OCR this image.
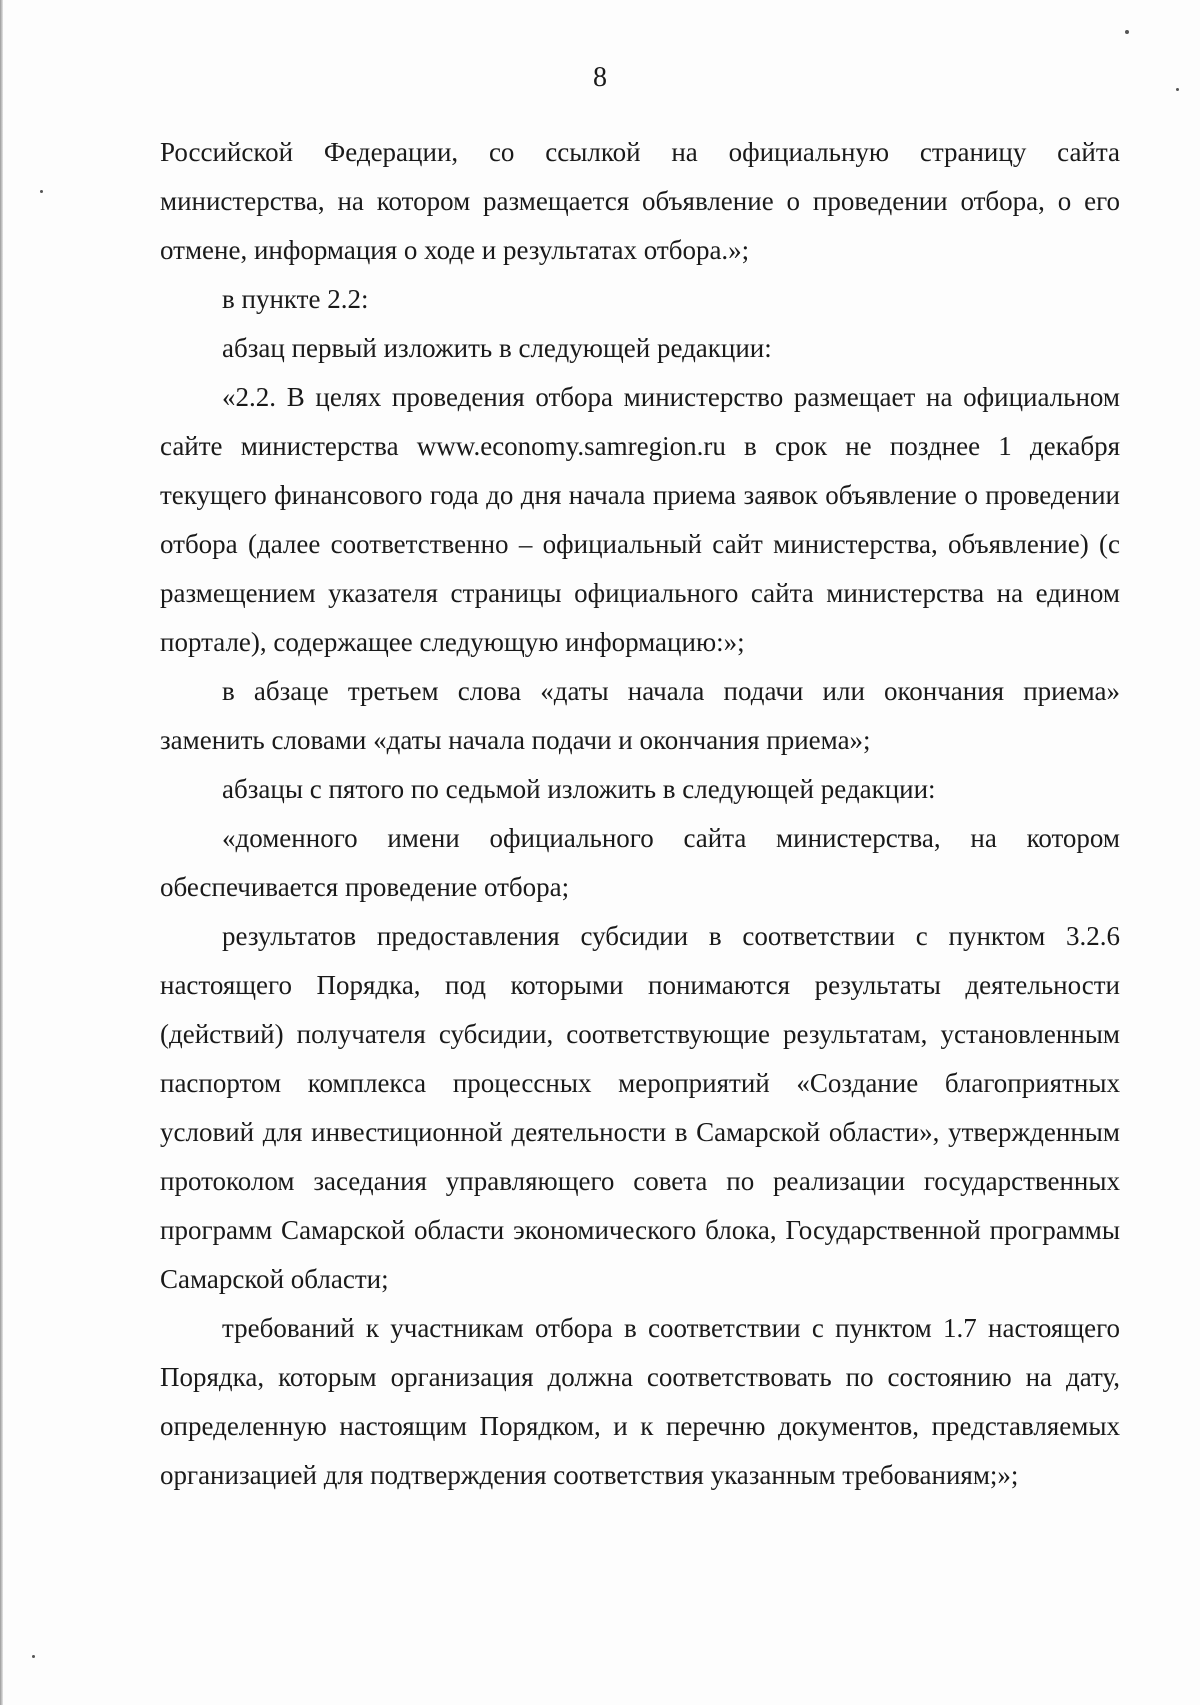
8

Российской Федерации, со ссылкой на официальную страницу сайта министерства, на котором размещается объявление о проведении отбора, о его отмене, информация о ходе и результатах отбора.»;

в пункте 2.2:

абзац первый изложить в следующей редакции:

«2.2. В целях проведения отбора министерство размещает на официальном сайте министерства www.economy.samregion.ru в срок не позднее 1 декабря текущего финансового года до дня начала приема заявок объявление о проведении отбора (далее соответственно – официальный сайт министерства, объявление) (с размещением указателя страницы официального сайта министерства на едином портале), содержащее следующую информацию:»;

в абзаце третьем слова «даты начала подачи или окончания приема» заменить словами «даты начала подачи и окончания приема»;

абзацы с пятого по седьмой изложить в следующей редакции:

«доменного имени официального сайта министерства, на котором обеспечивается проведение отбора;

результатов предоставления субсидии в соответствии с пунктом 3.2.6 настоящего Порядка, под которыми понимаются результаты деятельности (действий) получателя субсидии, соответствующие результатам, установленным паспортом комплекса процессных мероприятий «Создание благоприятных условий для инвестиционной деятельности в Самарской области», утвержденным протоколом заседания управляющего совета по реализации государственных программ Самарской области экономического блока, Государственной программы Самарской области;

требований к участникам отбора в соответствии с пунктом 1.7 настоящего Порядка, которым организация должна соответствовать по состоянию на дату, определенную настоящим Порядком, и к перечню документов, представляемых организацией для подтверждения соответствия указанным требованиям;»;
